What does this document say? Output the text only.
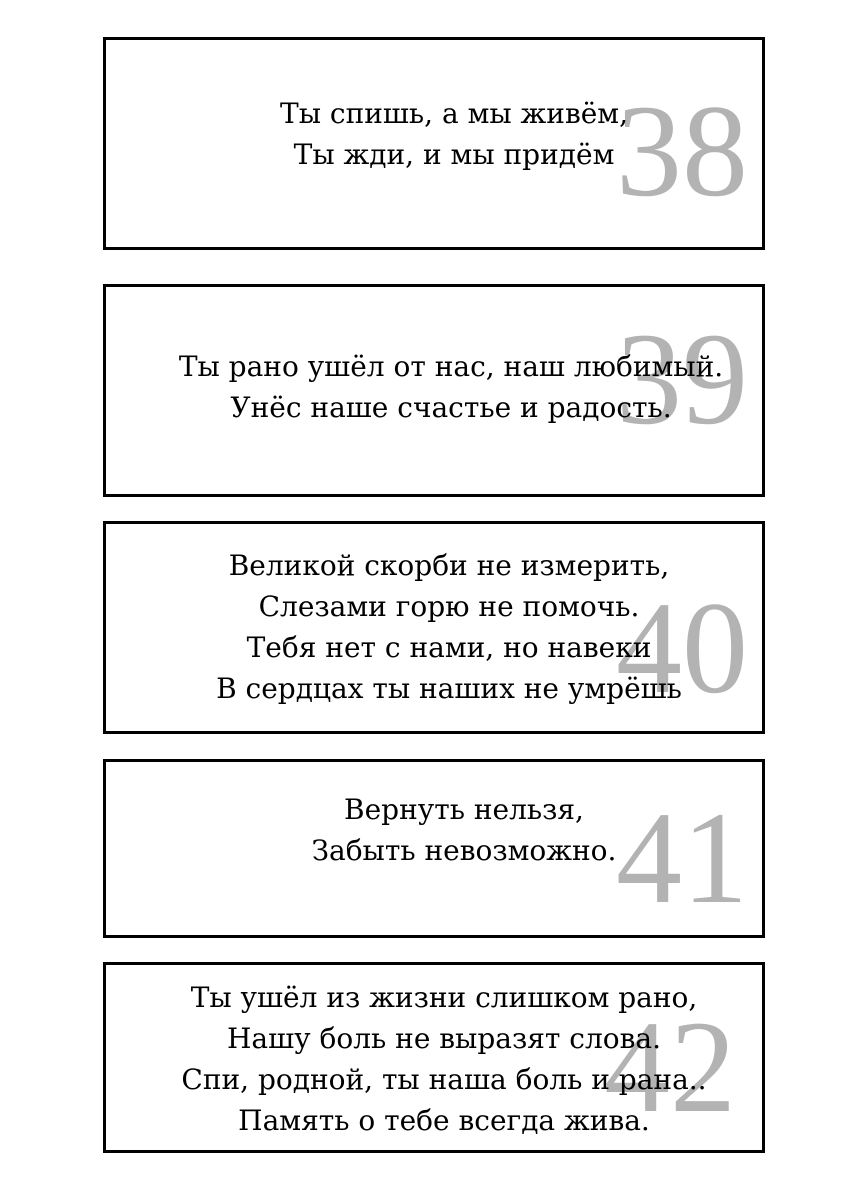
38
Ты спишь, а мы живём,
Ты жди, и мы придём
39
Ты рано ушёл от нас, наш любимый.
Унёс наше счастье и радость.
40
Великой скорби не измерить,
Слезами горю не помочь.
Тебя нет с нами, но навеки
В сердцах ты наших не умрёшь
41
Вернуть нельзя,
Забыть невозможно.
42
Ты ушёл из жизни слишком рано,
Нашу боль не выразят слова.
Спи, родной, ты наша боль и рана..
Память о тебе всегда жива.
